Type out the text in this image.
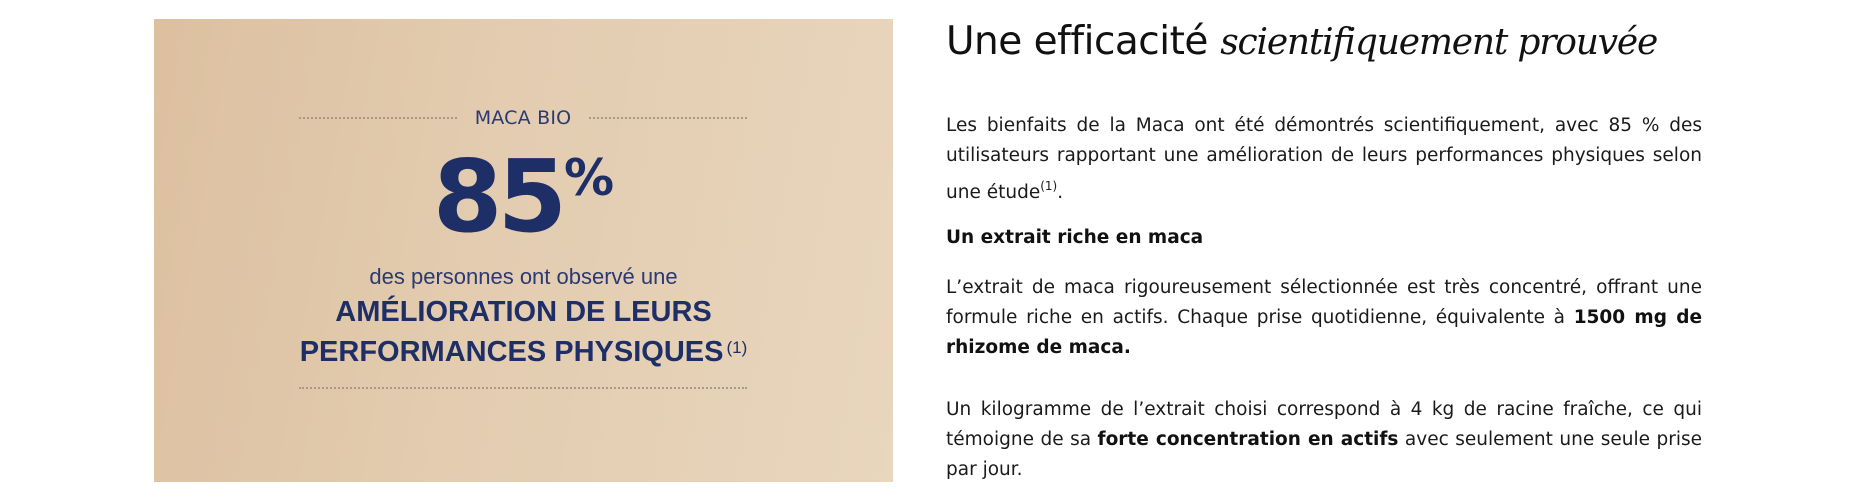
MACA BIO
85 %
des personnes ont observé une
AMÉLIORATION DE LEURS
PERFORMANCES PHYSIQUES $^{(1)}$
Une efficacité scientifiquement prouvée

Les bienfaits de la Maca ont été démontrés scientifiquement, avec 85 % des utilisateurs rapportant une amélioration de leurs performances physiques selon une étude$^{(1)}$.

Un extrait riche en maca

L’extrait de maca rigoureusement sélectionnée est très concentré, offrant une formule riche en actifs. Chaque prise quotidienne, équivalente à 1500 mg de rhizome de maca.

Un kilogramme de l’extrait choisi correspond à 4 kg de racine fraîche, ce qui témoigne de sa forte concentration en actifs avec seulement une seule prise par jour.
